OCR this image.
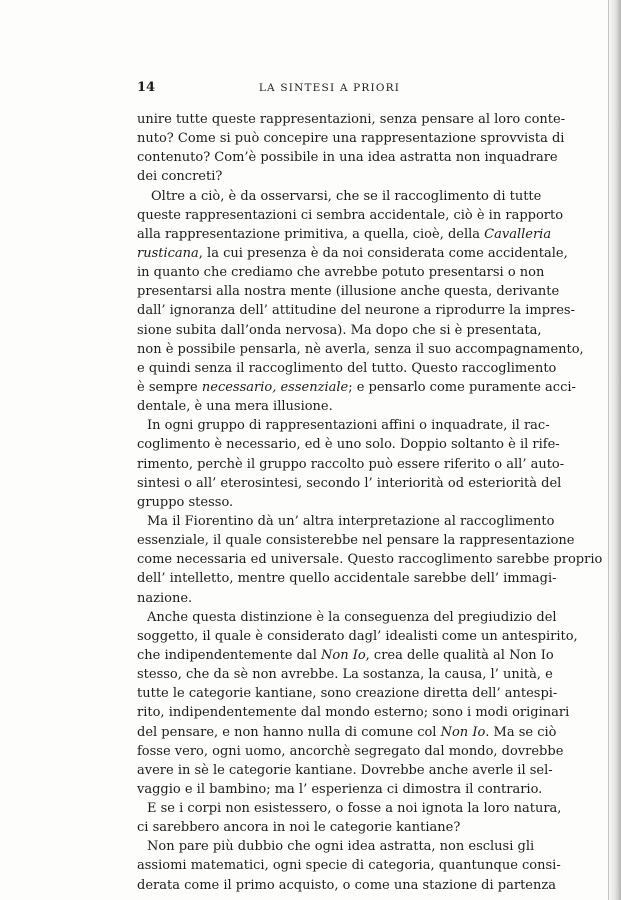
14	LA SINTESI A PRIORI
unire tutte queste rappresentazioni, senza pensare al loro conte-
nuto? Come si può concepire una rappresentazione sprovvista di
contenuto? Com’è possibile in una idea astratta non inquadrare
dei concreti?
Oltre a ciò, è da osservarsi, che se il raccoglimento di tutte
queste rappresentazioni ci sembra accidentale, ciò è in rapporto
alla rappresentazione primitiva, a quella, cioè, della Cavalleria
rusticana, la cui presenza è da noi considerata come accidentale,
in quanto che crediamo che avrebbe potuto presentarsi o non
presentarsi alla nostra mente (illusione anche questa, derivante
dall’ ignoranza dell’ attitudine del neurone a riprodurre la impres-
sione subita dall’onda nervosa). Ma dopo che si è presentata,
non è possibile pensarla, nè averla, senza il suo accompagnamento,
e quindi senza il raccoglimento del tutto. Questo raccoglimento
è sempre necessario, essenziale; e pensarlo come puramente acci-
dentale, è una mera illusione.
In ogni gruppo di rappresentazioni affini o inquadrate, il rac-
coglimento è necessario, ed è uno solo. Doppio soltanto è il rife-
rimento, perchè il gruppo raccolto può essere riferito o all’ auto-
sintesi o all’ eterosintesi, secondo l’ interiorità od esteriorità del
gruppo stesso.
Ma il Fiorentino dà un’ altra interpretazione al raccoglimento
essenziale, il quale consisterebbe nel pensare la rappresentazione
come necessaria ed universale. Questo raccoglimento sarebbe proprio
dell’ intelletto, mentre quello accidentale sarebbe dell’ immagi-
nazione.
Anche questa distinzione è la conseguenza del pregiudizio del
soggetto, il quale è considerato dagl’ idealisti come un antespirito,
che indipendentemente dal Non Io, crea delle qualità al Non Io
stesso, che da sè non avrebbe. La sostanza, la causa, l’ unità, e
tutte le categorie kantiane, sono creazione diretta dell’ antespi-
rito, indipendentemente dal mondo esterno; sono i modi originari
del pensare, e non hanno nulla di comune col Non Io. Ma se ciò
fosse vero, ogni uomo, ancorchè segregato dal mondo, dovrebbe
avere in sè le categorie kantiane. Dovrebbe anche averle il sel-
vaggio e il bambino; ma l’ esperienza ci dimostra il contrario.
E se i corpi non esistessero, o fosse a noi ignota la loro natura,
ci sarebbero ancora in noi le categorie kantiane?
Non pare più dubbio che ogni idea astratta, non esclusi gli
assiomi matematici, ogni specie di categoria, quantunque consi-
derata come il primo acquisto, o come una stazione di partenza
